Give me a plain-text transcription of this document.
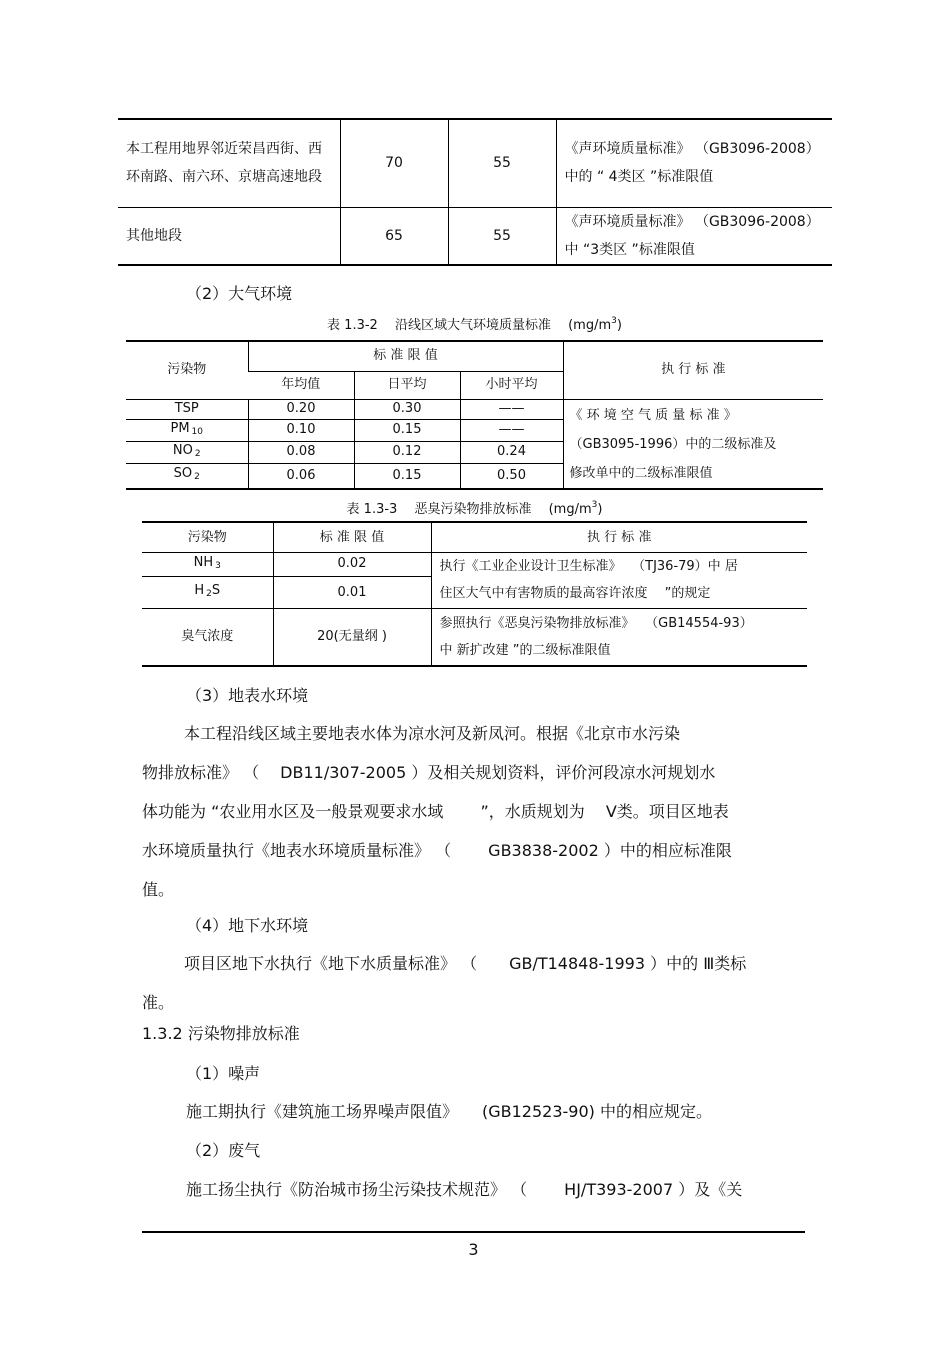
本工程用地界邻近荣昌西街、西环南路、南六环、京塘高速地段	70	55	《声环境质量标准》 （GB3096-2008）中的 “ 4类区 ”标准限值
其他地段	65	55	《声环境质量标准》 （GB3096-2008）中 “3类区 ”标准限值
（2）大气环境
表 1.3-2　 沿线区域大气环境质量标准　 $(mg/m^3)$
污染物	标 准 限 值			执 行 标 准
	年均值	日平均	小时平均	
TSP	0.20	0.30	——	《 环 境 空 气 质 量 标 准 》
（GB3095-1996）中的二级标准及
修改单中的二级标准限值

PM $_{10}$	0.10	0.15	——	
NO $_2$	0.08	0.12	0.24	
SO $_2$	0.06	0.15	0.50	
表 1.3-3　 恶臭污染物排放标准　 $(mg/m^3)$
污染物	标 准 限 值	执 行 标 准
NH $_3$	0.02	执行《工业企业设计卫生标准》 　（TJ36-79）中 居
住区大气中有害物质的最高容许浓度　 ”的规定

H $_2$S	0.01	
臭气浓度	20(无量纲 )	参照执行《恶臭污染物排放标准》 　（GB14554-93）
中 新扩改建 ”的二级标准限值
（3）地表水环境

本工程沿线区域主要地表水体为凉水河及新凤河。根据《北京市水污染

物排放标准》 （　 DB11/307-2005 ）及相关规划资料，评价河段凉水河规划水

体功能为 “农业用水区及一般景观要求水域　　 ”，水质规划为　 Ⅴ类。项目区地表

水环境质量执行《地表水环境质量标准》 （　　 GB3838-2002 ）中的相应标准限

值。

（4）地下水环境

项目区地下水执行《地下水质量标准》 （　　GB/T14848-1993 ）中的 Ⅲ类标

准。

1.3.2 污染物排放标准
（1）噪声
施工期执行《建筑施工场界噪声限值》　　(GB12523-90) 中的相应规定。
（2）废气
施工扬尘执行《防治城市扬尘污染技术规范》 （　　 HJ/T393-2007 ）及《关
3
